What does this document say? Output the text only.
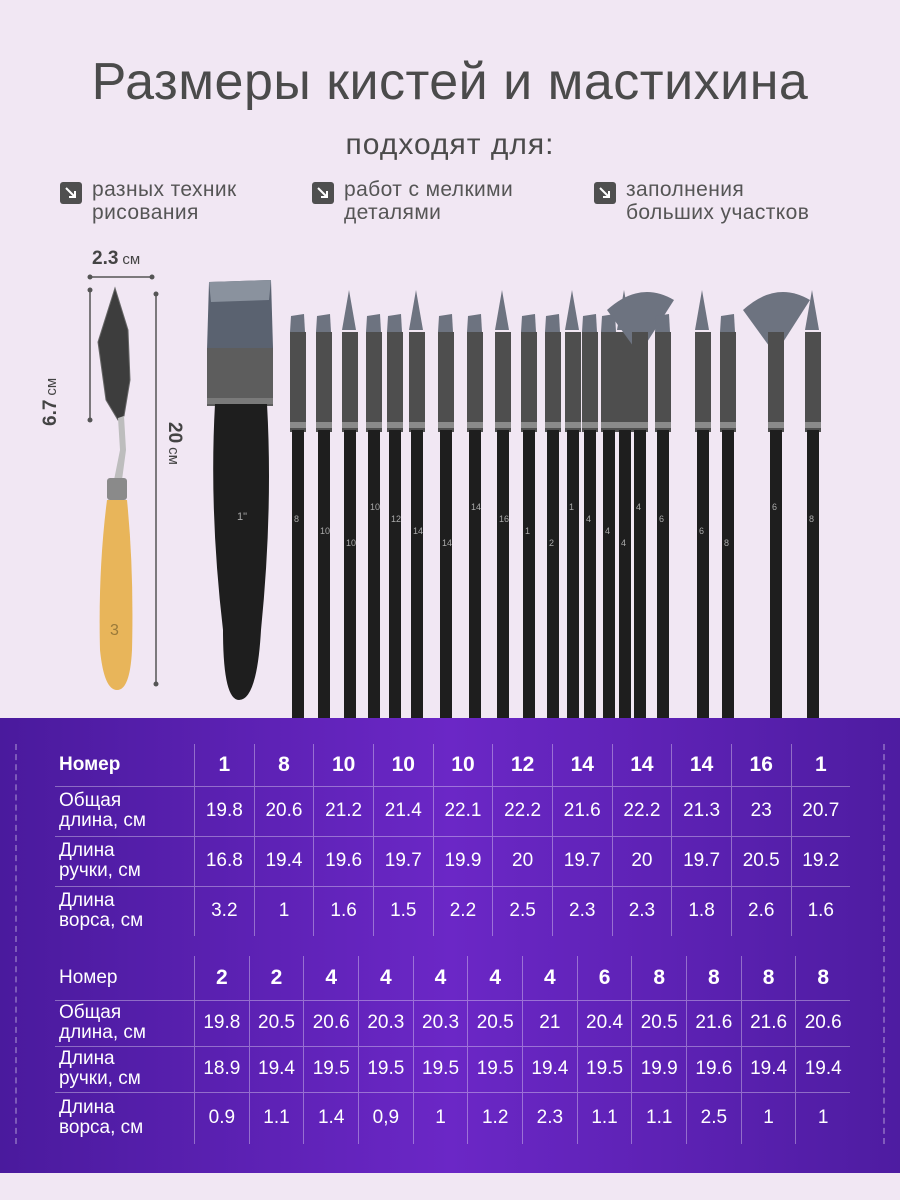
Размеры кистей и мастихина
подходят для:
разных техник
рисования
работ с мелкими
деталями
заполнения
больших участков
2.3 см
6.7см
20см
3
1"	8
10
10
10
12
14
14
14
16
1
2
1
4
4
4
4
6
6
8
6
8
Номер	1	8	10	10	10	12	14	14	14	16	1

Общая
длина, см	19.8	20.6	21.2	21.4	22.1	22.2	21.6	22.2	21.3	23	20.7

Длина
ручки, см	16.8	19.4	19.6	19.7	19.9	20	19.7	20	19.7	20.5	19.2

Длина
ворса, см	3.2	1	1.6	1.5	2.2	2.5	2.3	2.3	1.8	2.6	1.6
Номер	2	2	4	4	4	4	4	6	8	8	8	8

Общая
длина, см	19.8	20.5	20.6	20.3	20.3	20.5	21	20.4	20.5	21.6	21.6	20.6

Длина
ручки, см	18.9	19.4	19.5	19.5	19.5	19.5	19.4	19.5	19.9	19.6	19.4	19.4

Длина
ворса, см	0.9	1.1	1.4	0,9	1	1.2	2.3	1.1	1.1	2.5	1	1
